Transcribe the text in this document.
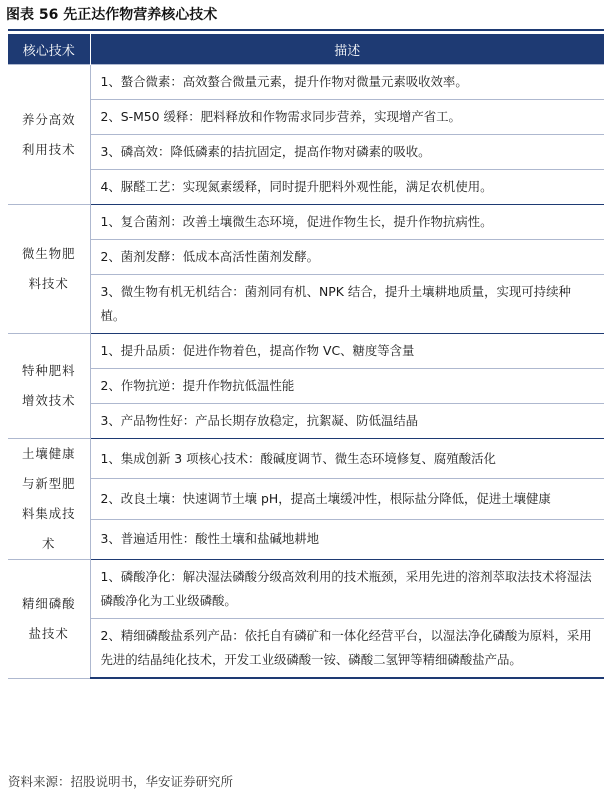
图表 56 先正达作物营养核心技术
核心技术	描述
养分高效利用技术	1、螯合微素：高效螯合微量元素，提升作物对微量元素吸收效率。
	2、S-M50 缓释：肥料释放和作物需求同步营养，实现增产省工。
	3、磷高效：降低磷素的拮抗固定，提高作物对磷素的吸收。
	4、脲醛工艺：实现氮素缓释，同时提升肥料外观性能，满足农机使用。
微生物肥料技术	1、复合菌剂：改善土壤微生态环境，促进作物生长，提升作物抗病性。
	2、菌剂发酵：低成本高活性菌剂发酵。
	3、微生物有机无机结合：菌剂同有机、NPK 结合，提升土壤耕地质量，实现可持续种植。
特种肥料增效技术	1、提升品质：促进作物着色，提高作物 VC、糖度等含量
	2、作物抗逆：提升作物抗低温性能
	3、产品物性好：产品长期存放稳定，抗絮凝、防低温结晶
土壤健康与新型肥料集成技术	1、集成创新 3 项核心技术：酸碱度调节、微生态环境修复、腐殖酸活化
	2、改良土壤：快速调节土壤 pH，提高土壤缓冲性，根际盐分降低，促进土壤健康
	3、普遍适用性：酸性土壤和盐碱地耕地
精细磷酸盐技术	1、磷酸净化：解决湿法磷酸分级高效利用的技术瓶颈，采用先进的溶剂萃取法技术将湿法磷酸净化为工业级磷酸。
	2、精细磷酸盐系列产品：依托自有磷矿和一体化经营平台，以湿法净化磷酸为原料，采用先进的结晶纯化技术，开发工业级磷酸一铵、磷酸二氢钾等精细磷酸盐产品。
资料来源：招股说明书，华安证券研究所
